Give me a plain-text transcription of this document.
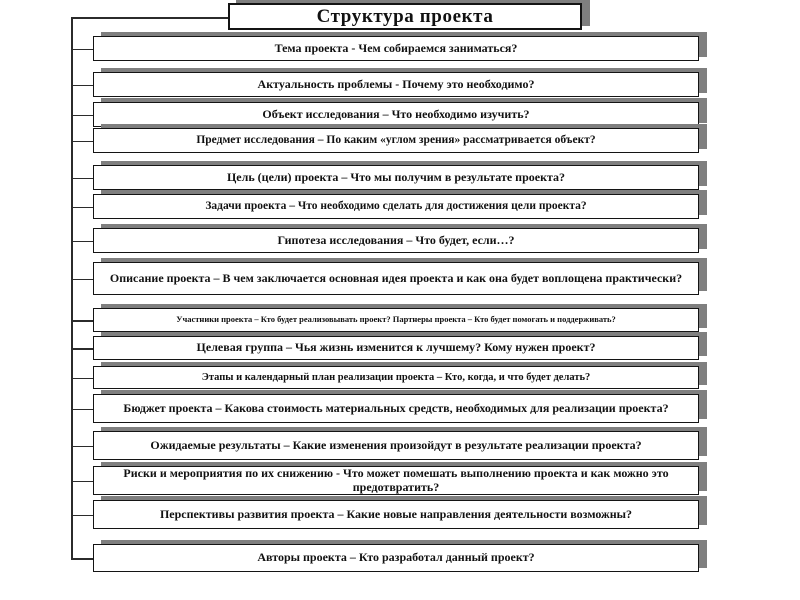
Структура проекта
Тема проекта - Чем собираемся заниматься?
Актуальность проблемы - Почему это необходимо?
Объект исследования – Что необходимо изучить?
Предмет исследования – По каким «углом зрения» рассматривается объект?
Цель (цели) проекта – Что мы получим в результате проекта?
Задачи проекта – Что необходимо сделать для достижения цели проекта?
Гипотеза исследования – Что будет, если…?
Описание проекта – В чем заключается основная идея проекта и как она будет воплощена практически?
Участники проекта – Кто будет реализовывать проект? Партнеры проекта – Кто будет помогать и поддерживать?
Целевая группа – Чья жизнь изменится к лучшему? Кому нужен проект?
Этапы и календарный план реализации проекта – Кто, когда, и что будет делать?
Бюджет проекта – Какова стоимость материальных средств, необходимых для реализации проекта?
Ожидаемые результаты – Какие изменения произойдут в результате реализации проекта?
Риски и мероприятия по их снижению - Что может помешать выполнению проекта и как можно это предотвратить?
Перспективы развития проекта – Какие новые направления деятельности возможны?
Авторы проекта – Кто разработал данный проект?
